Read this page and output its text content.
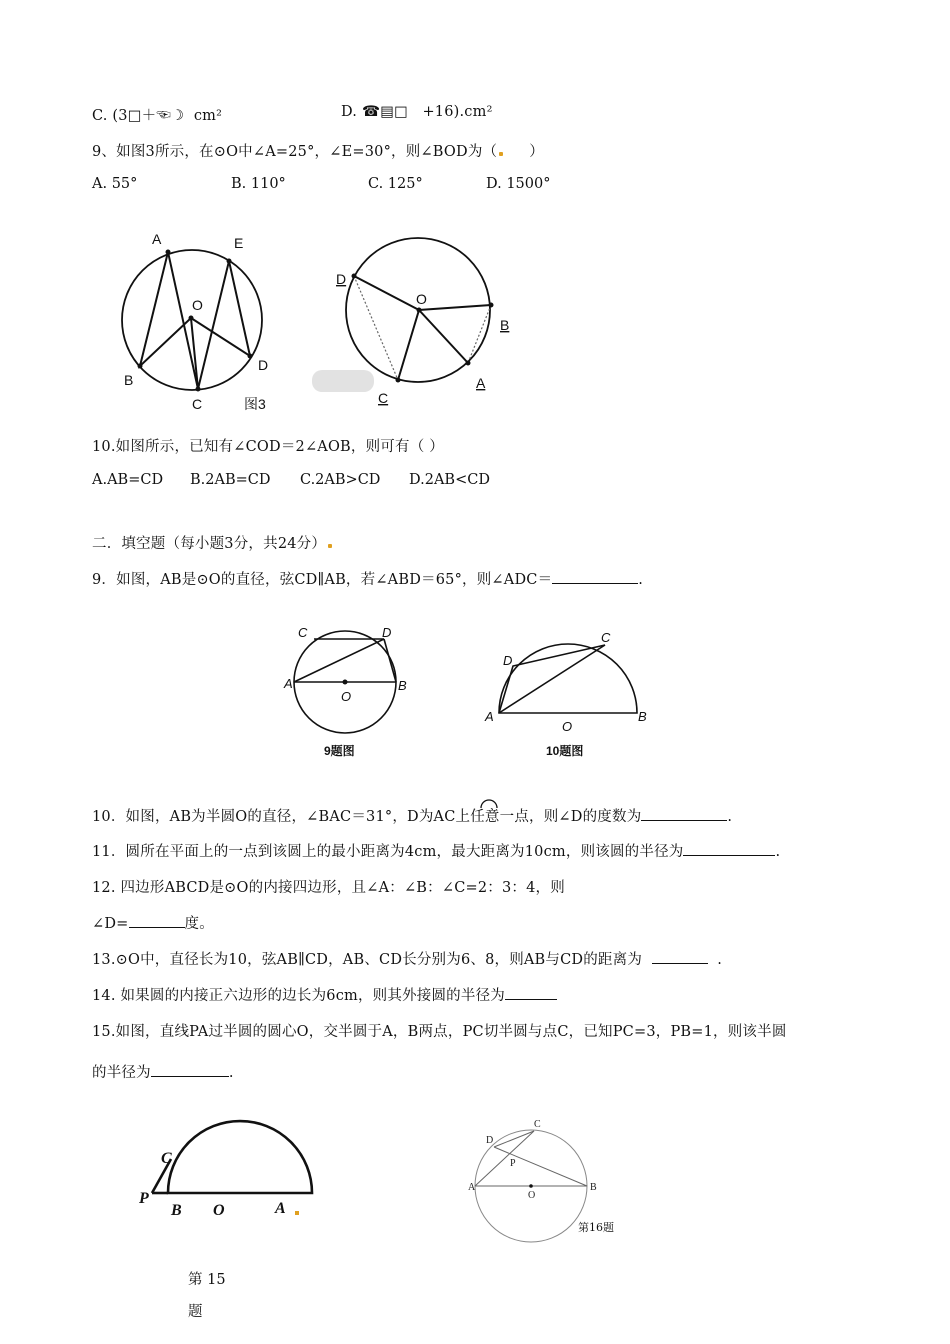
C. (3□＋☜☽ cm²	D. ☎▤□ +16).cm²
9、如图3所示，在⊙O中∠A=25°，∠E=30°，则∠BOD为（ ）
A. 55°	B. 110°	C. 125°	D. 1500°
A	E
O
B
C
D
图3
D
O
B
C
A
10.如图所示，已知有∠COD＝2∠AOB，则可有（ ）
A.AB=CD B.2AB=CD C.2AB>CD D.2AB<CD
二．填空题（每小题3分，共24分）
9．如图，AB是⊙O的直径，弦CD∥AB，若∠ABD＝65°，则∠ADC＝	.
C	D
A
O
B
9题图
D
C
A
O
B
10题图
10．如图，AB为半圆O的直径，∠BAC＝31°，D为AC上任意一点，则∠D的度数为	.
11．圆所在平面上的一点到该圆上的最小距离为4cm，最大距离为10cm，则该圆的半径为	.
12. 四边形ABCD是⊙O的内接四边形，且∠A：∠B：∠C=2：3：4，则
∠D=	度。
13.⊙O中，直径长为10，弦AB∥CD，AB、CD长分别为6、8，则AB与CD的距离为	.
14. 如果圆的内接正六边形的边长为6cm，则其外接圆的半径为
15.如图，直线PA过半圆的圆心O，交半圆于A，B两点，PC切半圆与点C，已知PC=3，PB=1，则该半圆
的半径为	.
C
P
B O	A
D
C
P
A
O
B
第16题
第 15
题
